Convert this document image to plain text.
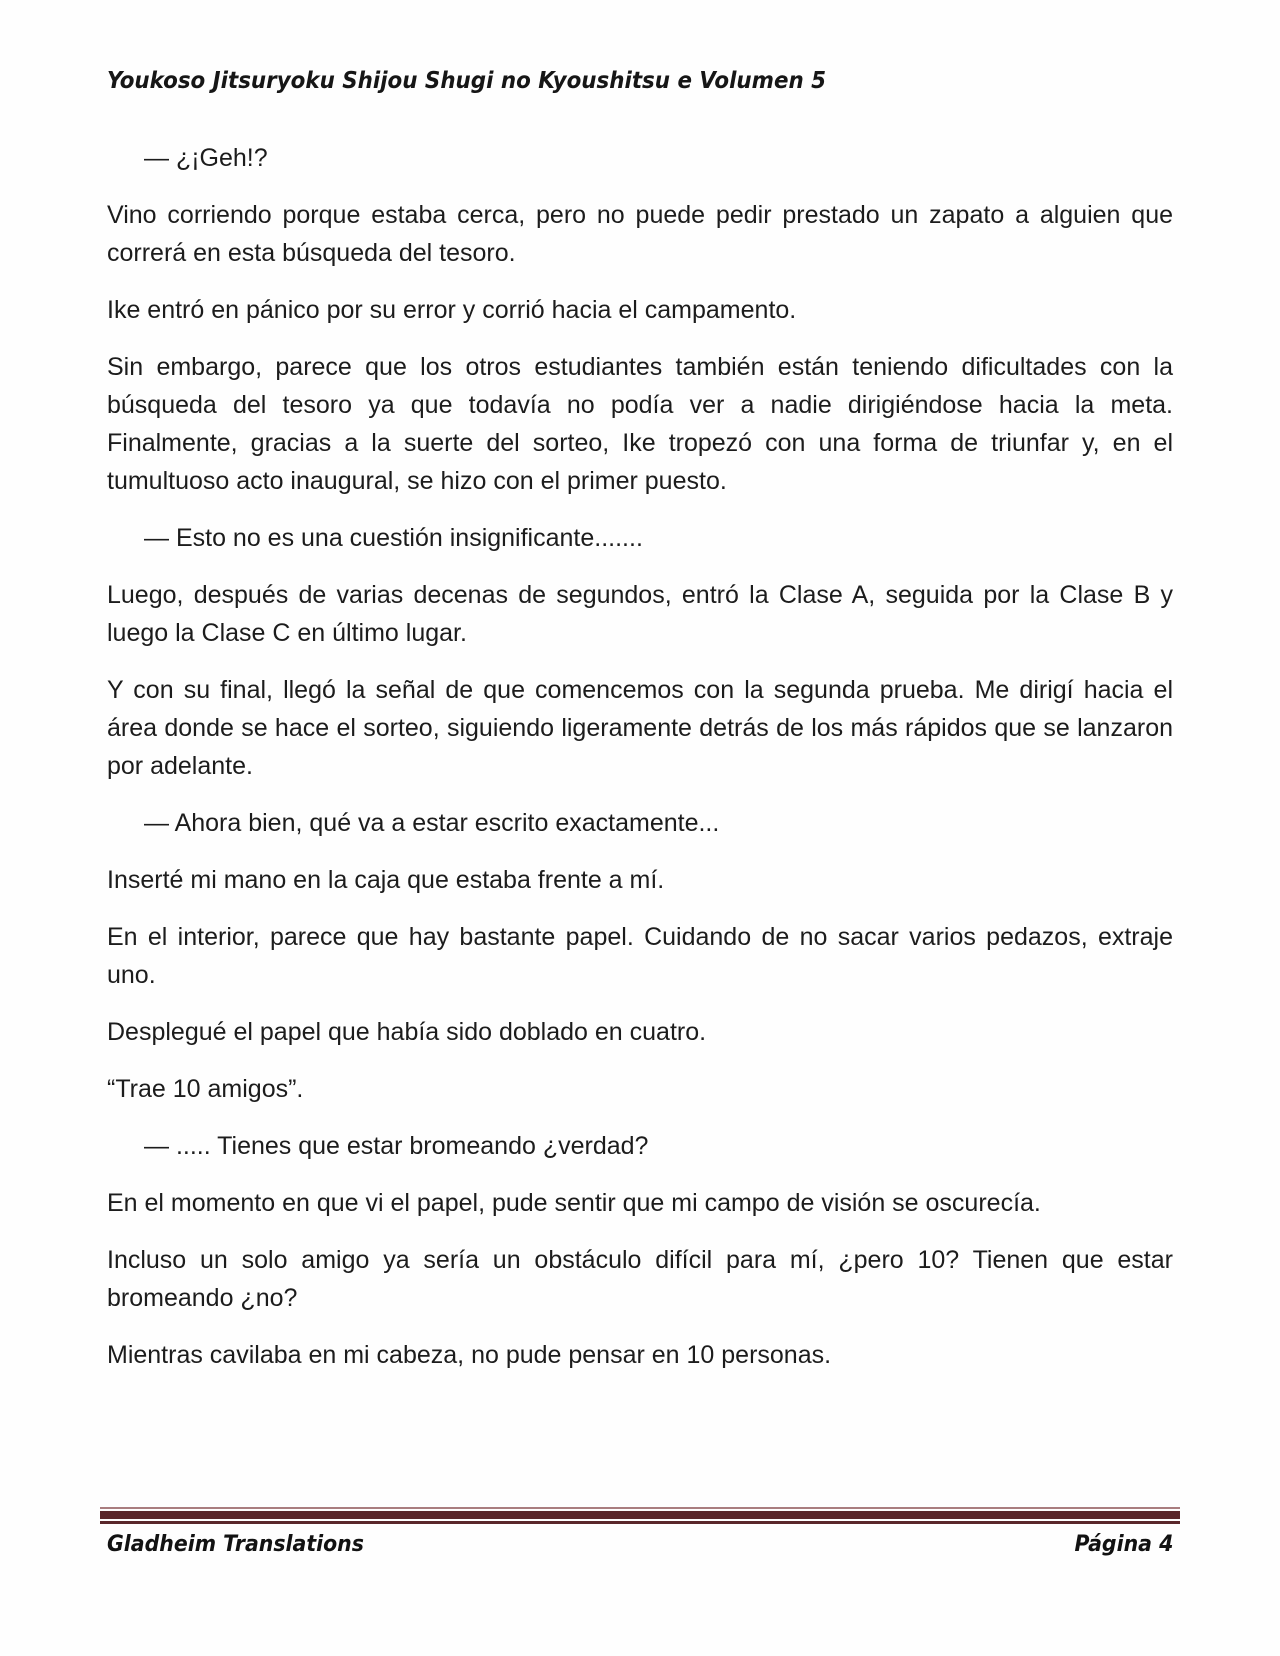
Youkoso Jitsuryoku Shijou Shugi no Kyoushitsu e Volumen 5

— ¿¡Geh!?

Vino corriendo porque estaba cerca, pero no puede pedir prestado un zapato a alguien que correrá en esta búsqueda del tesoro.

Ike entró en pánico por su error y corrió hacia el campamento.

Sin embargo, parece que los otros estudiantes también están teniendo dificultades con la búsqueda del tesoro ya que todavía no podía ver a nadie dirigiéndose hacia la meta. Finalmente, gracias a la suerte del sorteo, Ike tropezó con una forma de triunfar y, en el tumultuoso acto inaugural, se hizo con el primer puesto.

— Esto no es una cuestión insignificante.......

Luego, después de varias decenas de segundos, entró la Clase A, seguida por la Clase B y luego la Clase C en último lugar.

Y con su final, llegó la señal de que comencemos con la segunda prueba. Me dirigí hacia el área donde se hace el sorteo, siguiendo ligeramente detrás de los más rápidos que se lanzaron por adelante.

— Ahora bien, qué va a estar escrito exactamente...

Inserté mi mano en la caja que estaba frente a mí.

En el interior, parece que hay bastante papel. Cuidando de no sacar varios pedazos, extraje uno.

Desplegué el papel que había sido doblado en cuatro.

“Trae 10 amigos”.

— ..... Tienes que estar bromeando ¿verdad?

En el momento en que vi el papel, pude sentir que mi campo de visión se oscurecía.

Incluso un solo amigo ya sería un obstáculo difícil para mí, ¿pero 10? Tienen que estar bromeando ¿no?

Mientras cavilaba en mi cabeza, no pude pensar en 10 personas.

Gladheim Translations	Página 4
